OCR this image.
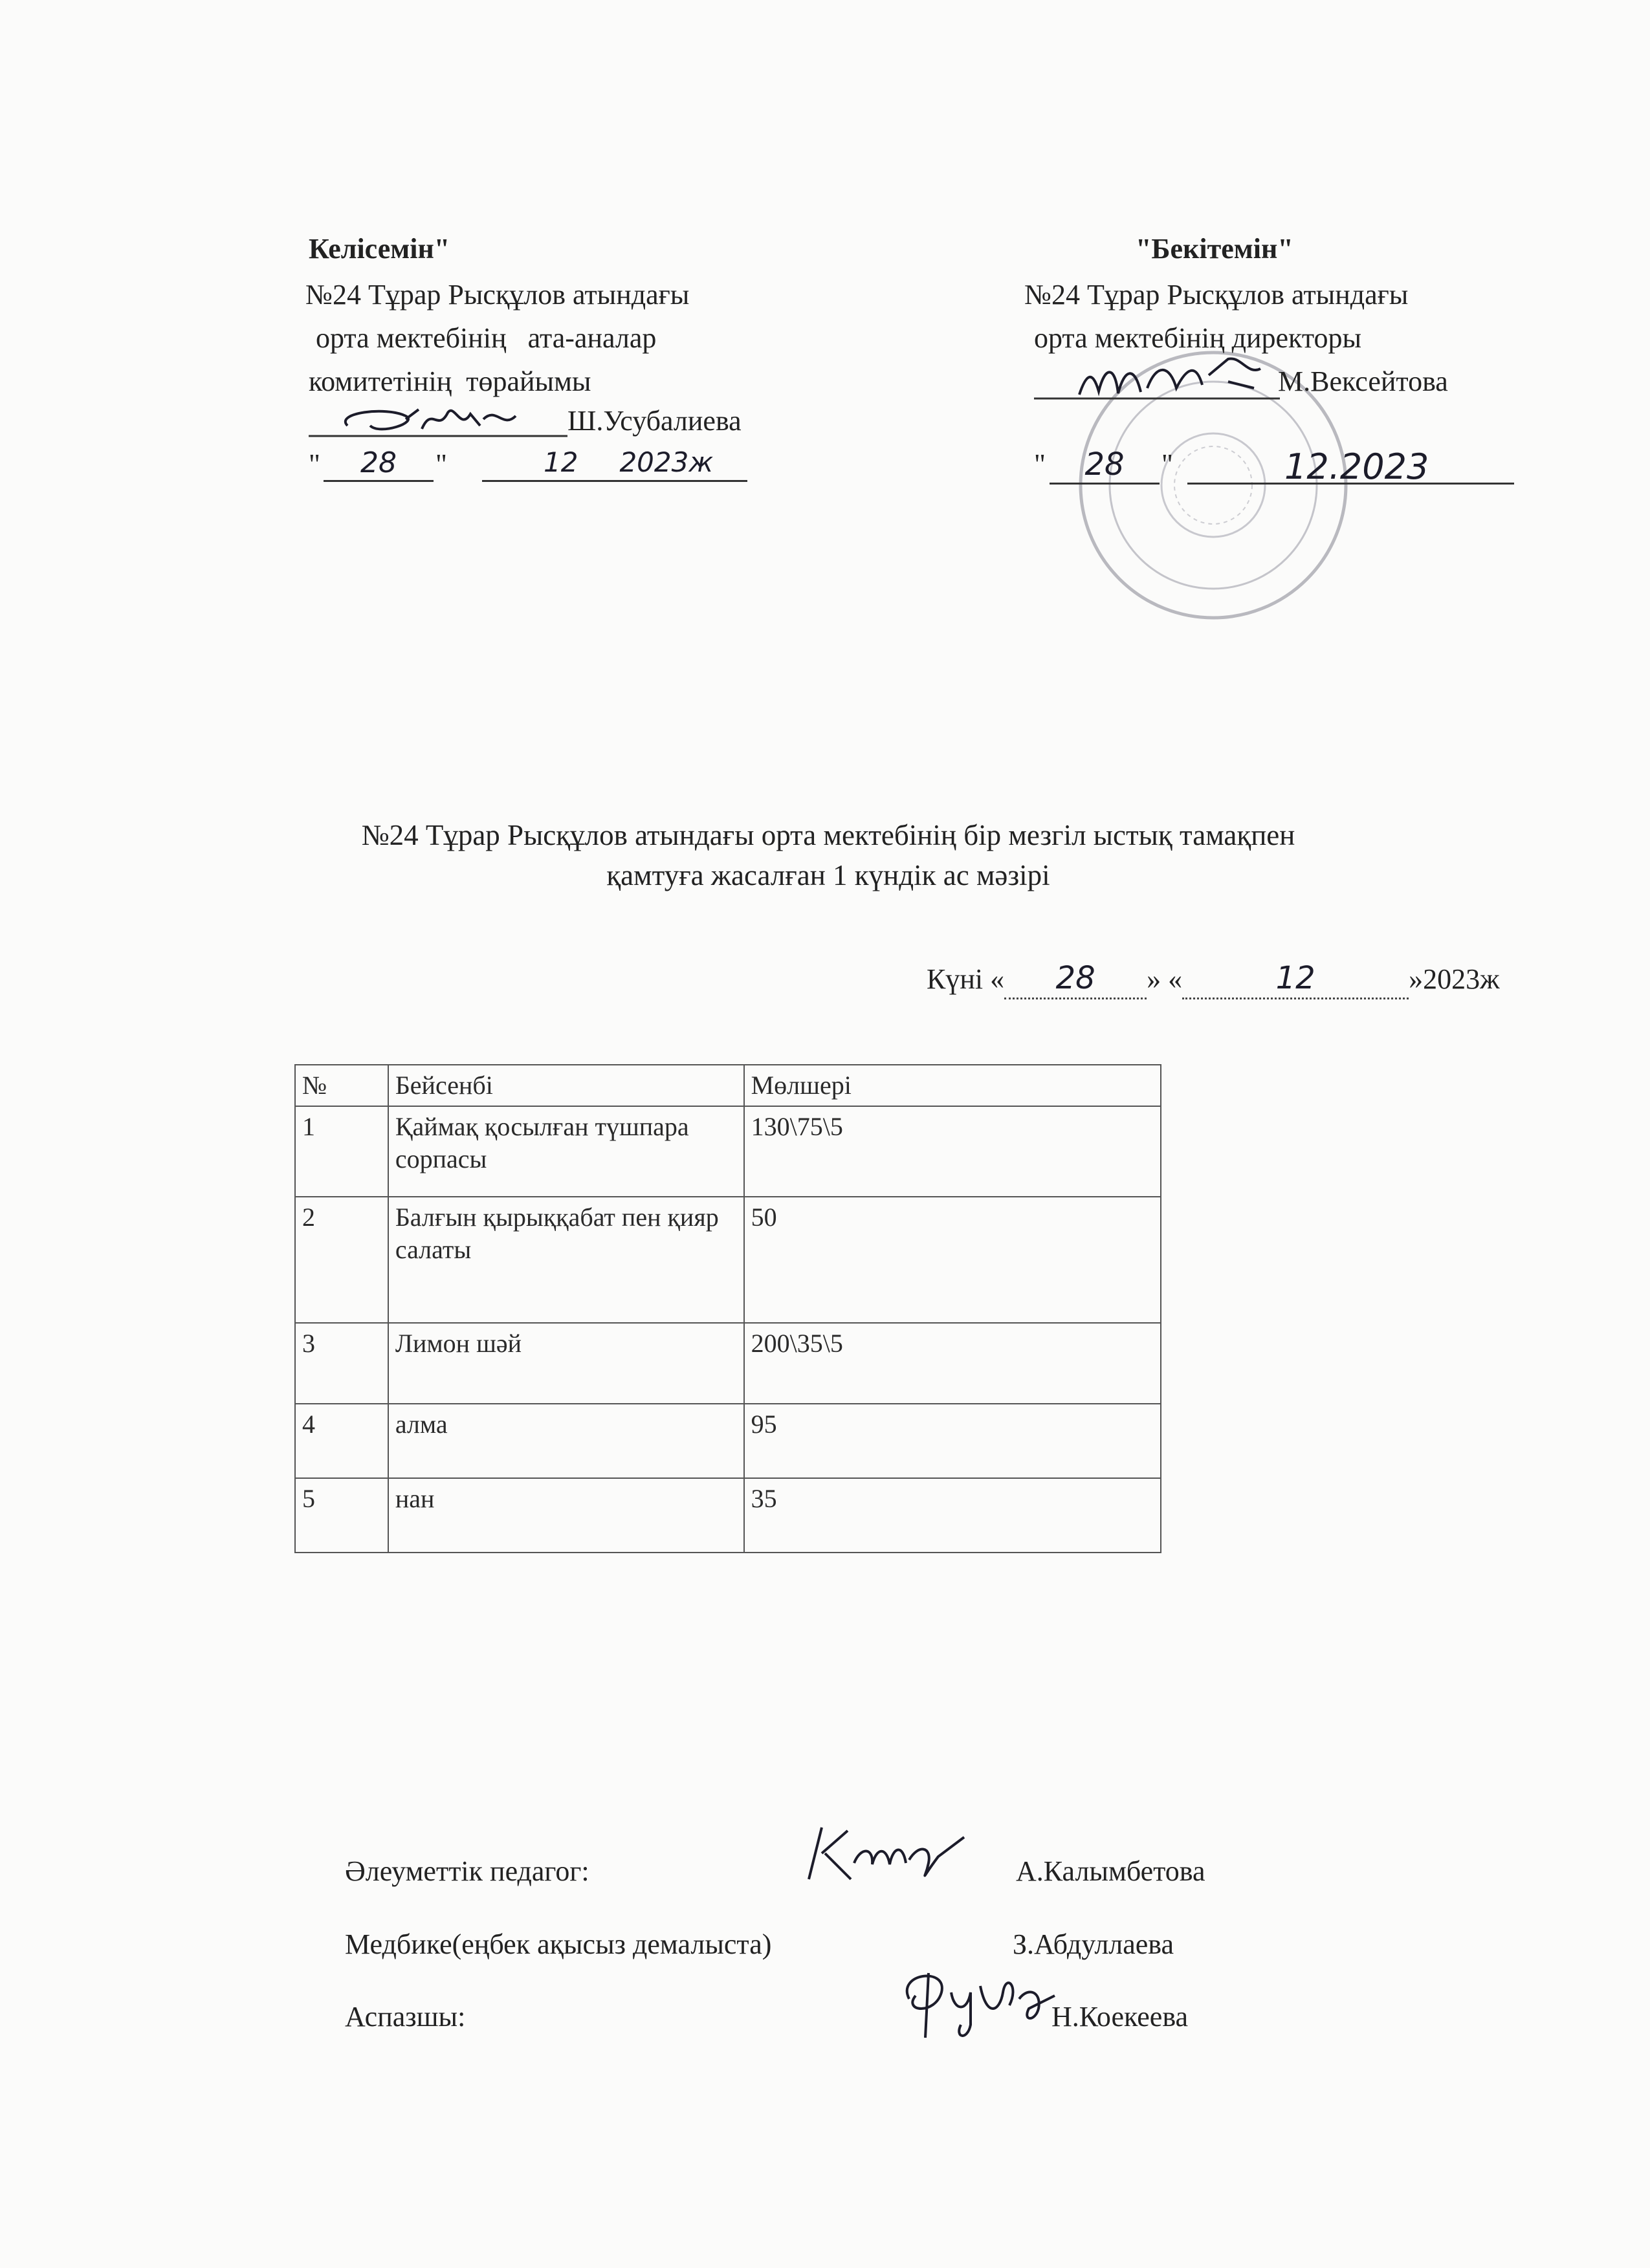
Келісемін"
№24 Тұрар Рысқұлов атындағы
орта мектебінің   ата-аналар
комитетінің  төрайымы
Ш.Усубалиева
"	28	"	12 2023ж
"Бекітемін"
№24 Тұрар Рысқұлов атындағы
орта мектебінің директоры
М.Вексейтова
"	28	"	12.2023
№24 Тұрар Рысқұлов атындағы орта мектебінің бір мезгіл ыстық тамақпен
қамтуға жасалған 1 күндік ас мәзірі

Күні « 28 » «	12	»2023ж

№	Бейсенбі	Мөлшері
1	Қаймақ қосылған түшпара сорпасы	130\75\5
2	Балғын қырыққабат пен қияр салаты	50
3	Лимон шәй	200\35\5
4	алма	95
5	нан	35
Әлеуметтік педагог:	А.Калымбетова
Медбике(еңбек ақысыз демалыста)	З.Абдуллаева
Аспазшы:	Н.Коекеева
